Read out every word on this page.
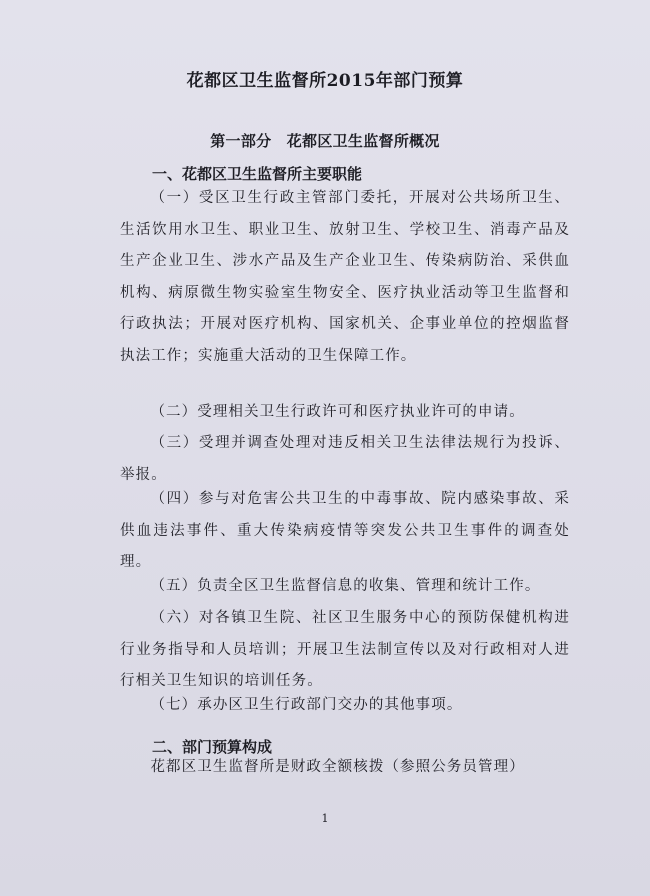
花都区卫生监督所2015年部门预算
第一部分　花都区卫生监督所概况
一、花都区卫生监督所主要职能
（一）受区卫生行政主管部门委托，开展对公共场所卫生、生活饮用水卫生、职业卫生、放射卫生、学校卫生、消毒产品及生产企业卫生、涉水产品及生产企业卫生、传染病防治、采供血机构、病原微生物实验室生物安全、医疗执业活动等卫生监督和行政执法；开展对医疗机构、国家机关、企事业单位的控烟监督执法工作；实施重大活动的卫生保障工作。
（二）受理相关卫生行政许可和医疗执业许可的申请。
（三）受理并调查处理对违反相关卫生法律法规行为投诉、举报。
（四）参与对危害公共卫生的中毒事故、院内感染事故、采供血违法事件、重大传染病疫情等突发公共卫生事件的调查处理。
（五）负责全区卫生监督信息的收集、管理和统计工作。
（六）对各镇卫生院、社区卫生服务中心的预防保健机构进行业务指导和人员培训；开展卫生法制宣传以及对行政相对人进行相关卫生知识的培训任务。
（七）承办区卫生行政部门交办的其他事项。
二、部门预算构成
花都区卫生监督所是财政全额核拨（参照公务员管理）
1
